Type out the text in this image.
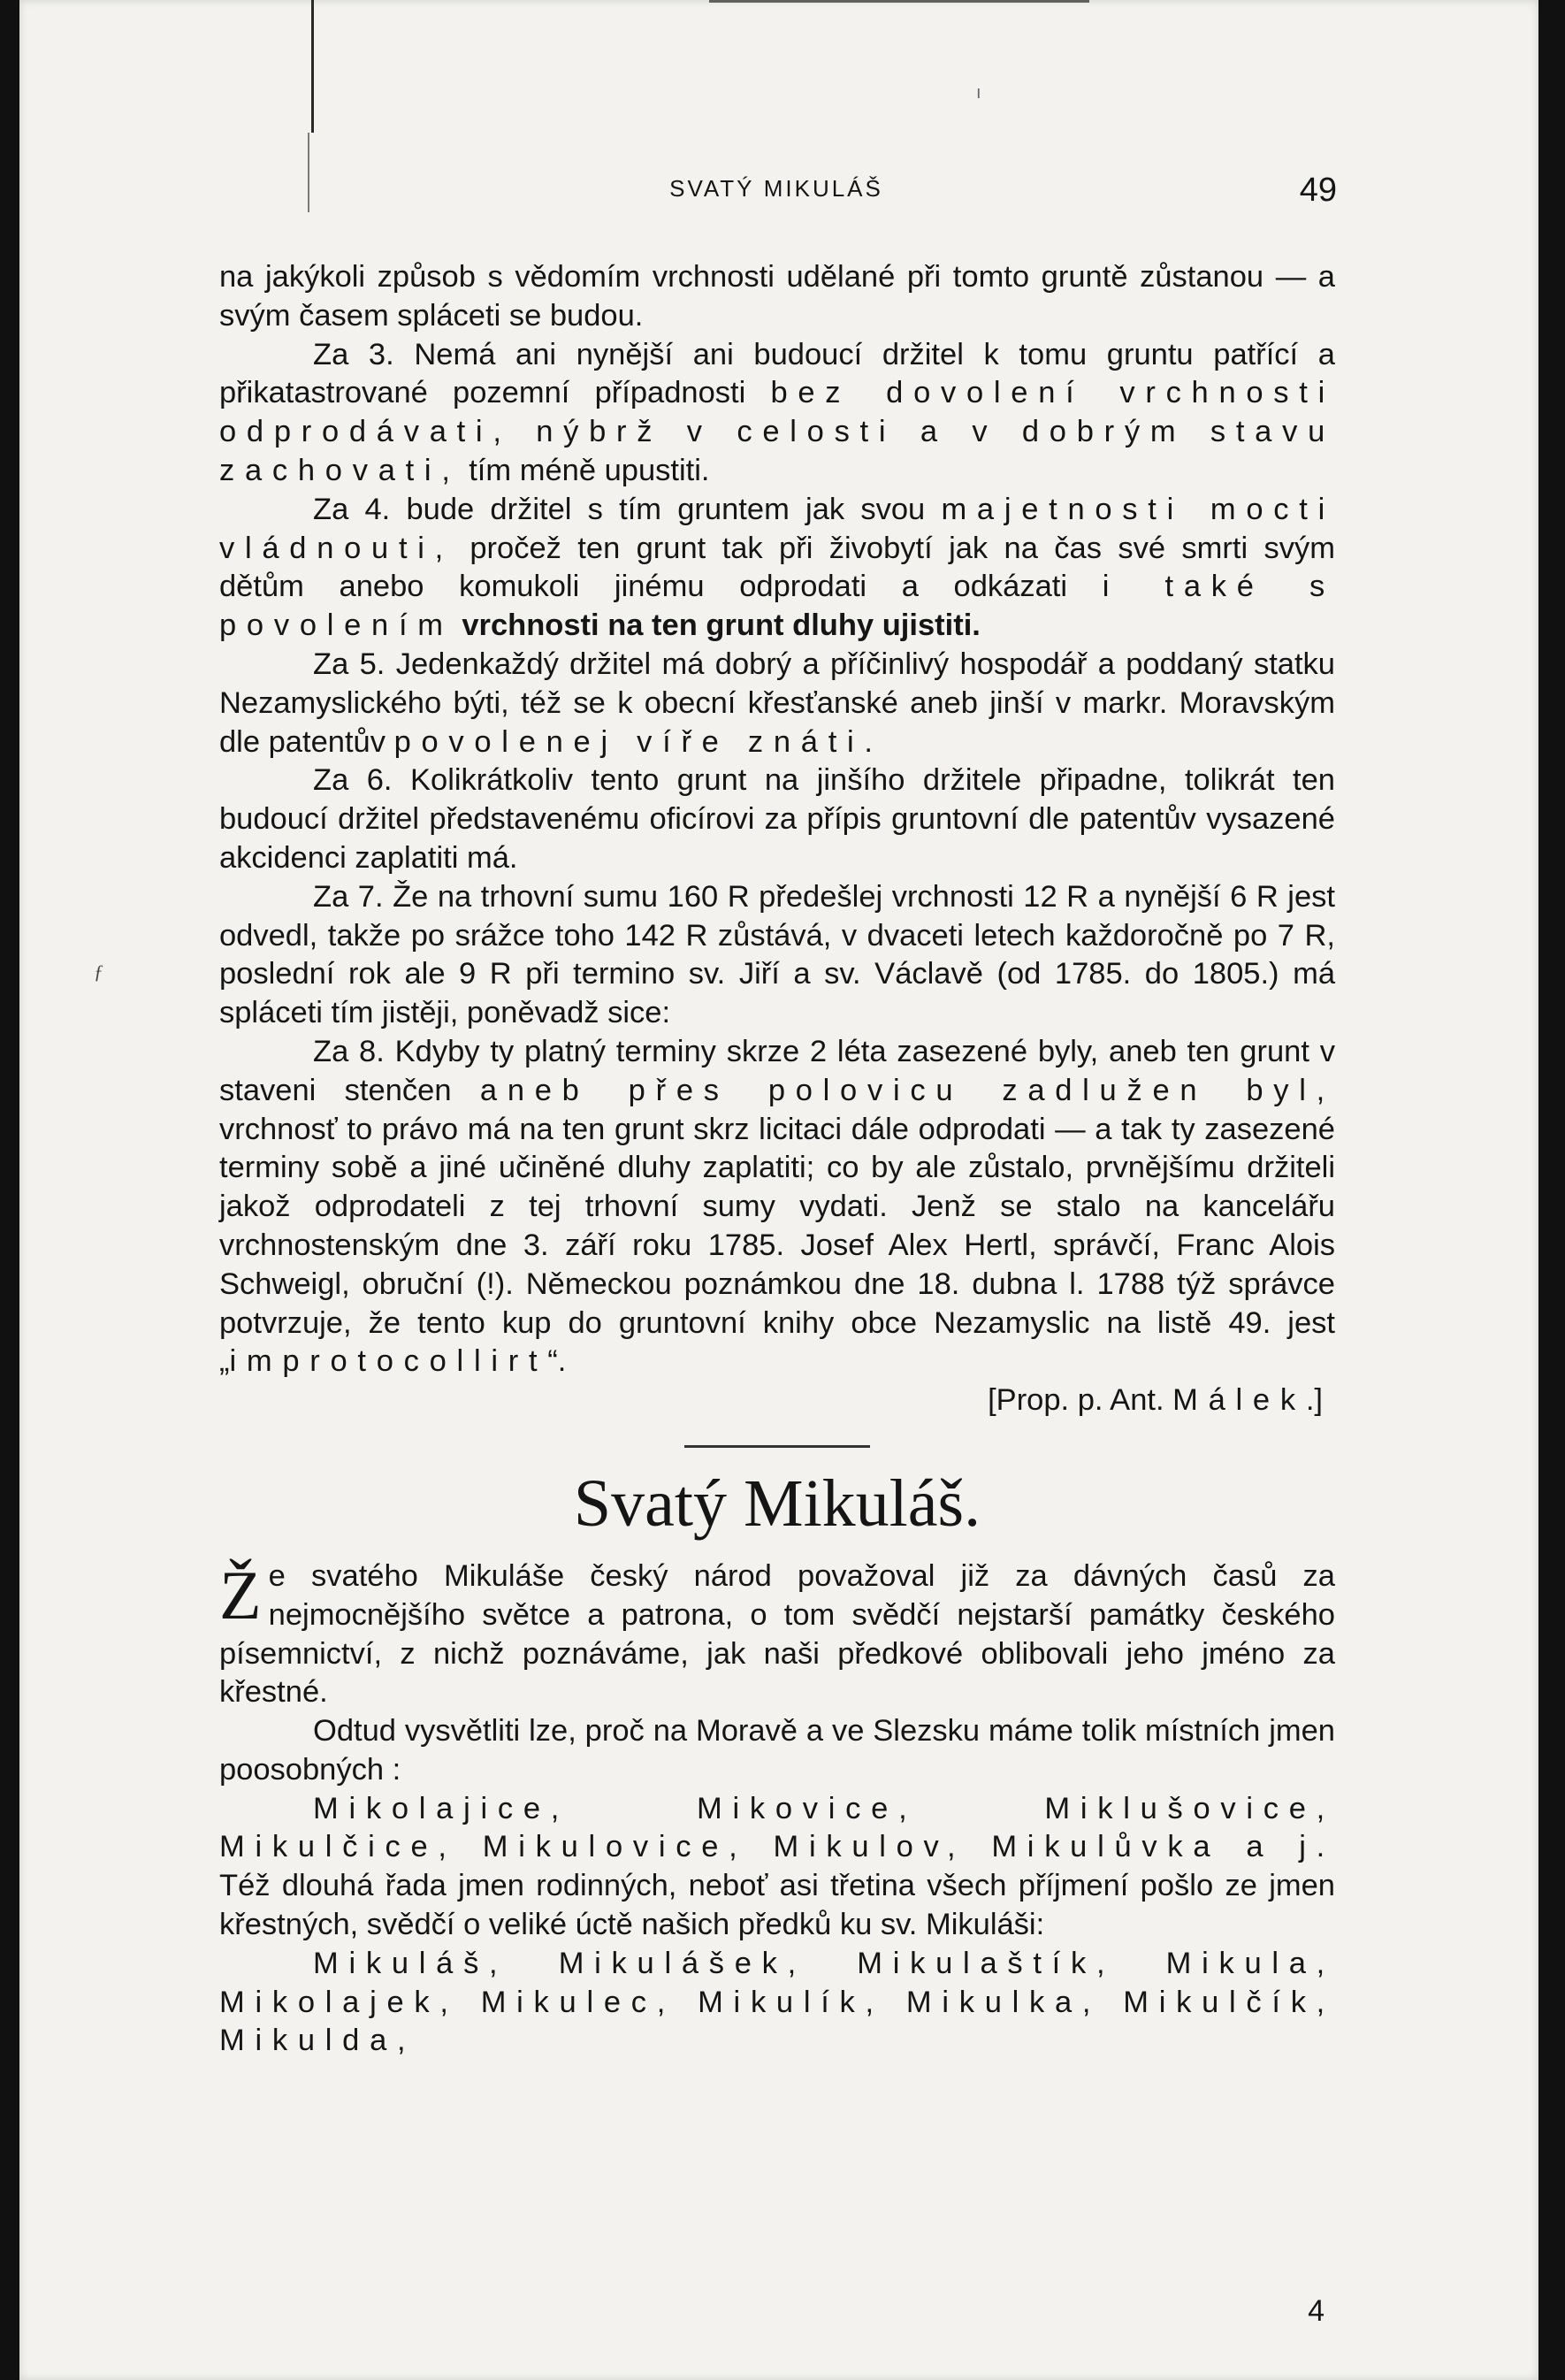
ı
SVATÝ MIKULÁŠ	49
ƒ

na jakýkoli způsob s vědomím vrchnosti udělané při tomto gruntě zůstanou — a svým časem spláceti se budou.

Za 3. Nemá ani nynější ani budoucí držitel k tomu gruntu patřící a přikatastrované pozemní případnosti bez dovolení vrchnosti odprodávati, nýbrž v celosti a v dobrým stavu zachovati, tím méně upustiti.

Za 4. bude držitel s tím gruntem jak svou majetnosti mocti vládnouti, pročež ten grunt tak při živobytí jak na čas své smrti svým dětům anebo komukoli jinému odprodati a odkázati i také s povolením vrchnosti na ten grunt dluhy ujistiti.

Za 5. Jedenkaždý držitel má dobrý a příčinlivý hospodář a poddaný statku Nezamyslického býti, též se k obecní křesťanské aneb jinší v markr. Moravským dle patentův povolenej víře znáti.

Za 6. Kolikrátkoliv tento grunt na jinšího držitele připadne, tolikrát ten budoucí držitel představenému oficírovi za přípis gruntovní dle patentův vysazené akcidenci zaplatiti má.

Za 7. Že na trhovní sumu 160 R předešlej vrchnosti 12 R a nynější 6 R jest odvedl, takže po srážce toho 142 R zůstává, v dvaceti letech každoročně po 7 R, poslední rok ale 9 R při termino sv. Jiří a sv. Václavě (od 1785. do 1805.) má spláceti tím jistěji, poněvadž sice:

Za 8. Kdyby ty platný terminy skrze 2 léta zasezené byly, aneb ten grunt v staveni stenčen aneb přes polovicu zadlužen byl, vrchnosť to právo má na ten grunt skrz licitaci dále odprodati — a tak ty zasezené terminy sobě a jiné učiněné dluhy zaplatiti; co by ale zůstalo, prvnějšímu držiteli jakož odprodateli z tej trhovní sumy vydati. Jenž se stalo na kancelářu vrchnostenským dne 3. září roku 1785. Josef Alex Hertl, správčí, Franc Alois Schweigl, obruční (!). Německou poznámkou dne 18. dubna l. 1788 týž správce potvrzuje, že tento kup do gruntovní knihy obce Nezamyslic na listě 49. jest „improtocollirt“.

[Prop. p. Ant. Málek.]

Svatý Mikuláš.

Že svatého Mikuláše český národ považoval již za dávných časů za nejmocnějšího světce a patrona, o tom svědčí nejstarší památky českého písemnictví, z nichž poznáváme, jak naši předkové oblibovali jeho jméno za křestné.

Odtud vysvětliti lze, proč na Moravě a ve Slezsku máme tolik místních jmen poosobných :

Mikolajice, Mikovice, Miklušovice, Mikulčice, Mikulovice, Mikulov, Mikulůvka a j. Též dlouhá řada jmen rodinných, neboť asi třetina všech příjmení pošlo ze jmen křestných, svědčí o veliké úctě našich předků ku sv. Mikuláši:

Mikuláš, Mikulášek, Mikulaštík, Mikula, Mikolajek, Mikulec, Mikulík, Mikulka, Mikulčík, Mikulda,

4
